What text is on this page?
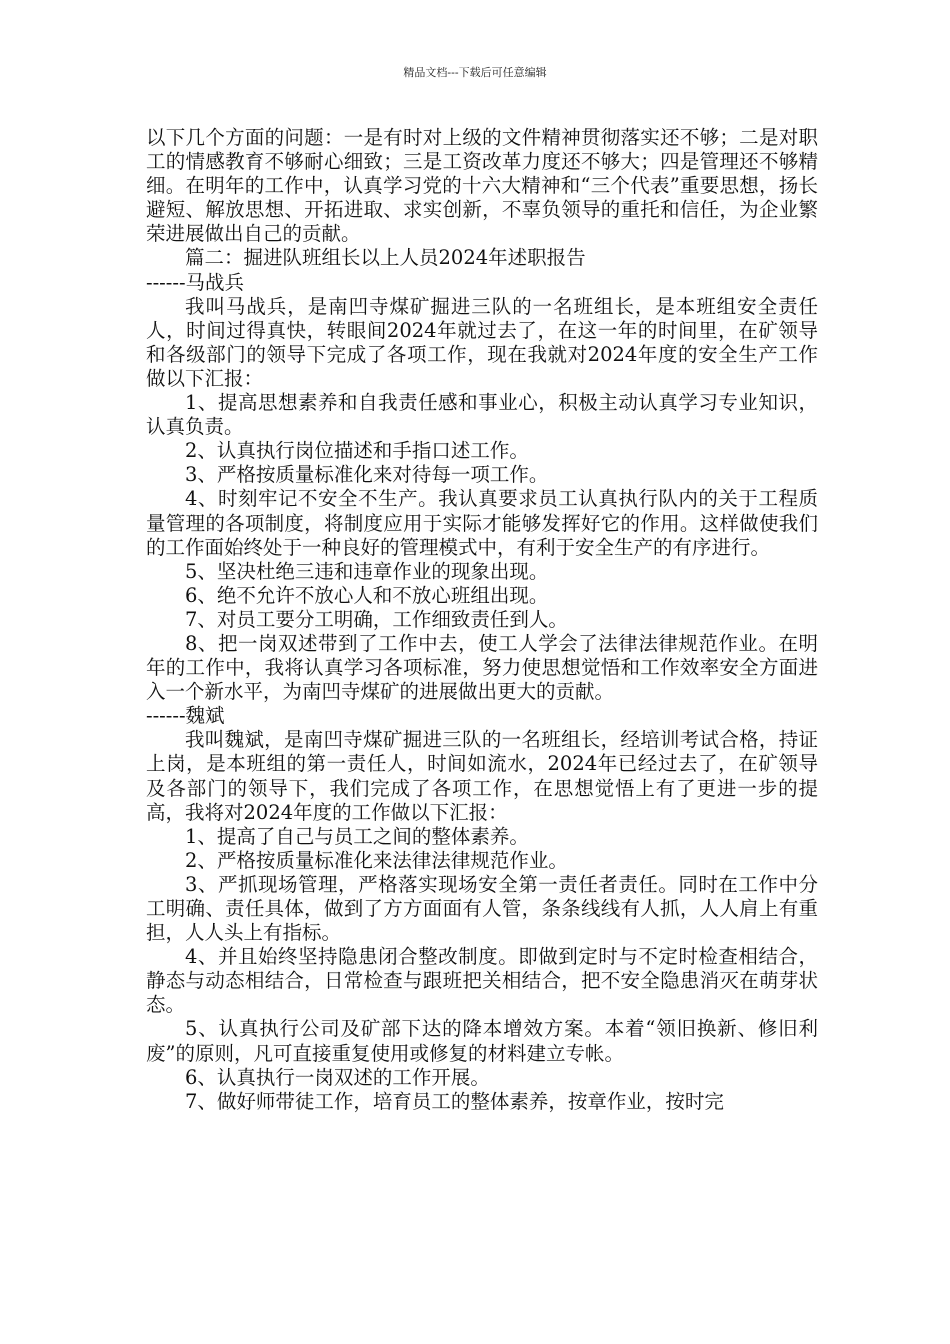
精品文档---下载后可任意编辑

以下几个方面的问题：一是有时对上级的文件精神贯彻落实还不够；二是对职工的情感教育不够耐心细致；三是工资改革力度还不够大；四是管理还不够精细。在明年的工作中，认真学习党的十六大精神和“三个代表”重要思想，扬长避短、解放思想、开拓进取、求实创新，不辜负领导的重托和信任，为企业繁荣进展做出自己的贡献。

篇二：掘进队班组长以上人员2024年述职报告

------马战兵

我叫马战兵，是南凹寺煤矿掘进三队的一名班组长，是本班组安全责任人，时间过得真快，转眼间2024年就过去了，在这一年的时间里，在矿领导和各级部门的领导下完成了各项工作，现在我就对2024年度的安全生产工作做以下汇报：

1、提高思想素养和自我责任感和事业心，积极主动认真学习专业知识，认真负责。

2、认真执行岗位描述和手指口述工作。

3、严格按质量标准化来对待每一项工作。

4、时刻牢记不安全不生产。我认真要求员工认真执行队内的关于工程质量管理的各项制度，将制度应用于实际才能够发挥好它的作用。这样做使我们的工作面始终处于一种良好的管理模式中，有利于安全生产的有序进行。

5、坚决杜绝三违和违章作业的现象出现。

6、绝不允许不放心人和不放心班组出现。

7、对员工要分工明确，工作细致责任到人。

8、把一岗双述带到了工作中去，使工人学会了法律法律规范作业。在明年的工作中，我将认真学习各项标准，努力使思想觉悟和工作效率安全方面进入一个新水平，为南凹寺煤矿的进展做出更大的贡献。

------魏斌

我叫魏斌，是南凹寺煤矿掘进三队的一名班组长，经培训考试合格，持证上岗，是本班组的第一责任人，时间如流水，2024年已经过去了，在矿领导及各部门的领导下，我们完成了各项工作，在思想觉悟上有了更进一步的提高，我将对2024年度的工作做以下汇报：

1、提高了自己与员工之间的整体素养。

2、严格按质量标准化来法律法律规范作业。

3、严抓现场管理，严格落实现场安全第一责任者责任。同时在工作中分工明确、责任具体，做到了方方面面有人管，条条线线有人抓，人人肩上有重担，人人头上有指标。

4、并且始终坚持隐患闭合整改制度。即做到定时与不定时检查相结合，静态与动态相结合，日常检查与跟班把关相结合，把不安全隐患消灭在萌芽状态。

5、认真执行公司及矿部下达的降本增效方案。本着“领旧换新、修旧利废”的原则，凡可直接重复使用或修复的材料建立专帐。

6、认真执行一岗双述的工作开展。

7、做好师带徒工作，培育员工的整体素养，按章作业，按时完
